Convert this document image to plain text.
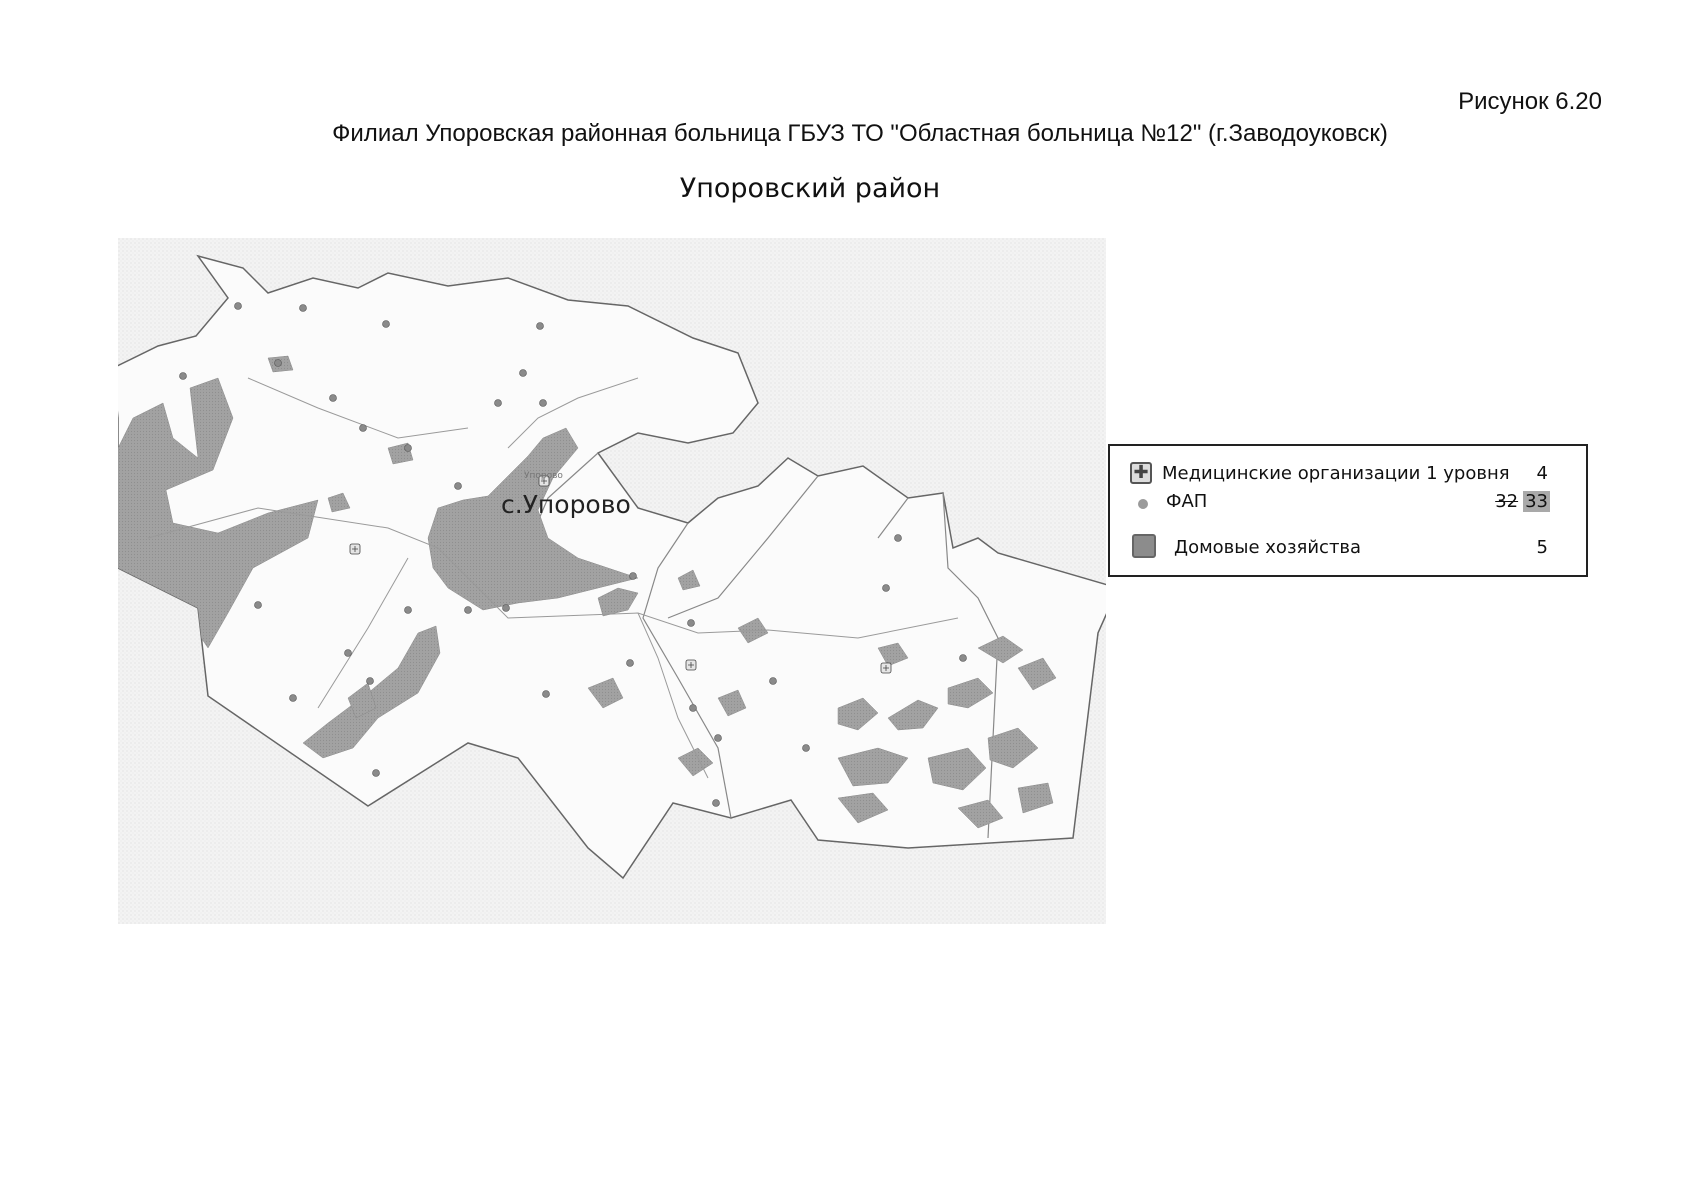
Рисунок 6.20
Филиал Упоровская районная больница ГБУЗ ТО "Областная больница №12" (г.Заводоуковск)
Упоровский район
Упорово
с.Упорово
✚ Медицинские организации 1 уровня 4
ФАП	32 33
Домовые хозяйства	5
